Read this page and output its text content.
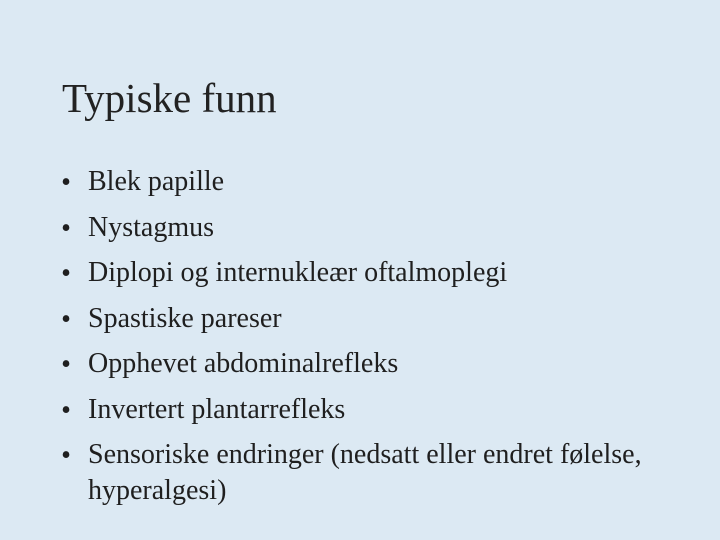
Typiske funn
• Blek papille
• Nystagmus
• Diplopi og internukleær oftalmoplegi
• Spastiske pareser
• Opphevet abdominalrefleks
• Invertert plantarrefleks
• Sensoriske endringer (nedsatt eller endret følelse, hyperalgesi)
